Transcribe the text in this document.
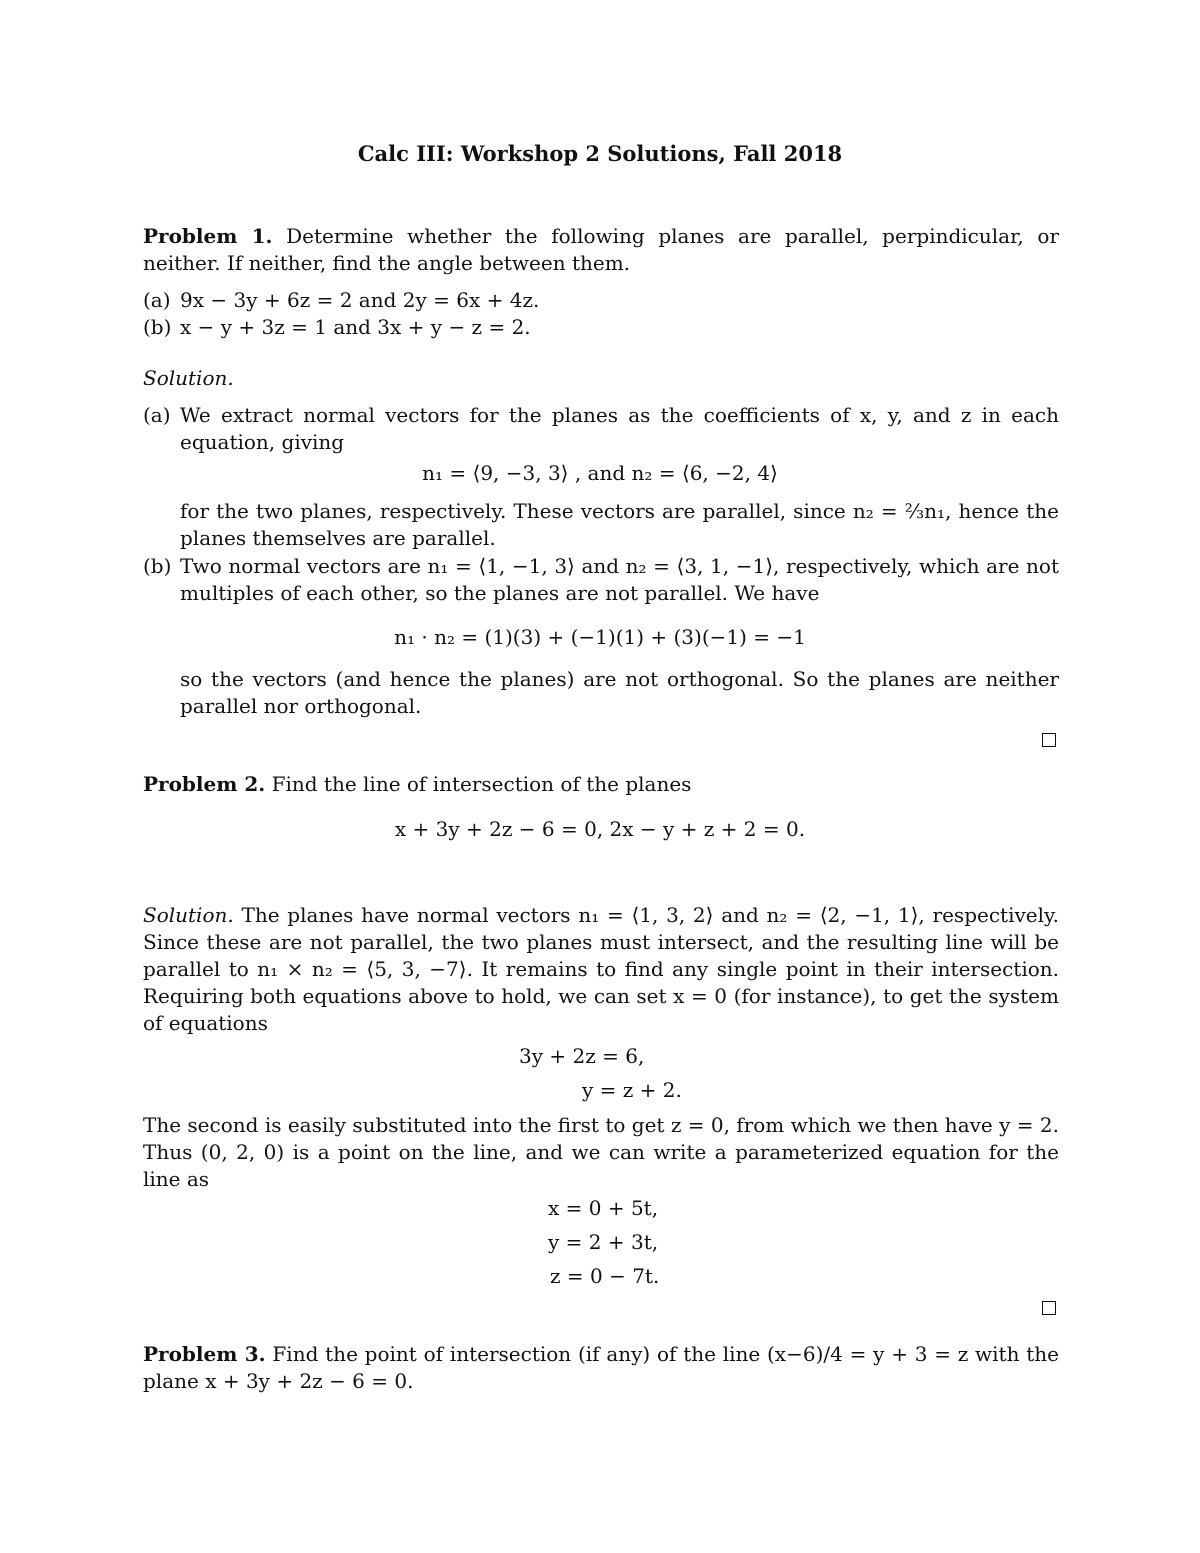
Calc III: Workshop 2 Solutions, Fall 2018

Problem 1. Determine whether the following planes are parallel, perpindicular, or neither. If neither, find the angle between them.

(a) 9x − 3y + 6z = 2 and 2y = 6x + 4z.
(b) x − y + 3z = 1 and 3x + y − z = 2.
Solution.
(a) We extract normal vectors for the planes as the coefficients of x, y, and z in each equation, giving

n₁ = ⟨9, −3, 3⟩ , and n₂ = ⟨6, −2, 4⟩

for the two planes, respectively. These vectors are parallel, since n₂ = ⅔n₁, hence the planes themselves are parallel.

(b) Two normal vectors are n₁ = ⟨1, −1, 3⟩ and n₂ = ⟨3, 1, −1⟩, respectively, which are not multiples of each other, so the planes are not parallel. We have

n₁ · n₂ = (1)(3) + (−1)(1) + (3)(−1) = −1

so the vectors (and hence the planes) are not orthogonal. So the planes are neither parallel nor orthogonal.

Problem 2. Find the line of intersection of the planes

x + 3y + 2z − 6 = 0, 2x − y + z + 2 = 0.

Solution. The planes have normal vectors n₁ = ⟨1, 3, 2⟩ and n₂ = ⟨2, −1, 1⟩, respectively. Since these are not parallel, the two planes must intersect, and the resulting line will be parallel to n₁ × n₂ = ⟨5, 3, −7⟩. It remains to find any single point in their intersection. Requiring both equations above to hold, we can set x = 0 (for instance), to get the system of equations

3y + 2z = 6,
y = z + 2.

The second is easily substituted into the first to get z = 0, from which we then have y = 2. Thus (0, 2, 0) is a point on the line, and we can write a parameterized equation for the line as

x = 0 + 5t,
y = 2 + 3t,
z = 0 − 7t.

Problem 3. Find the point of intersection (if any) of the line (x−6)/4 = y + 3 = z with the plane x + 3y + 2z − 6 = 0.
